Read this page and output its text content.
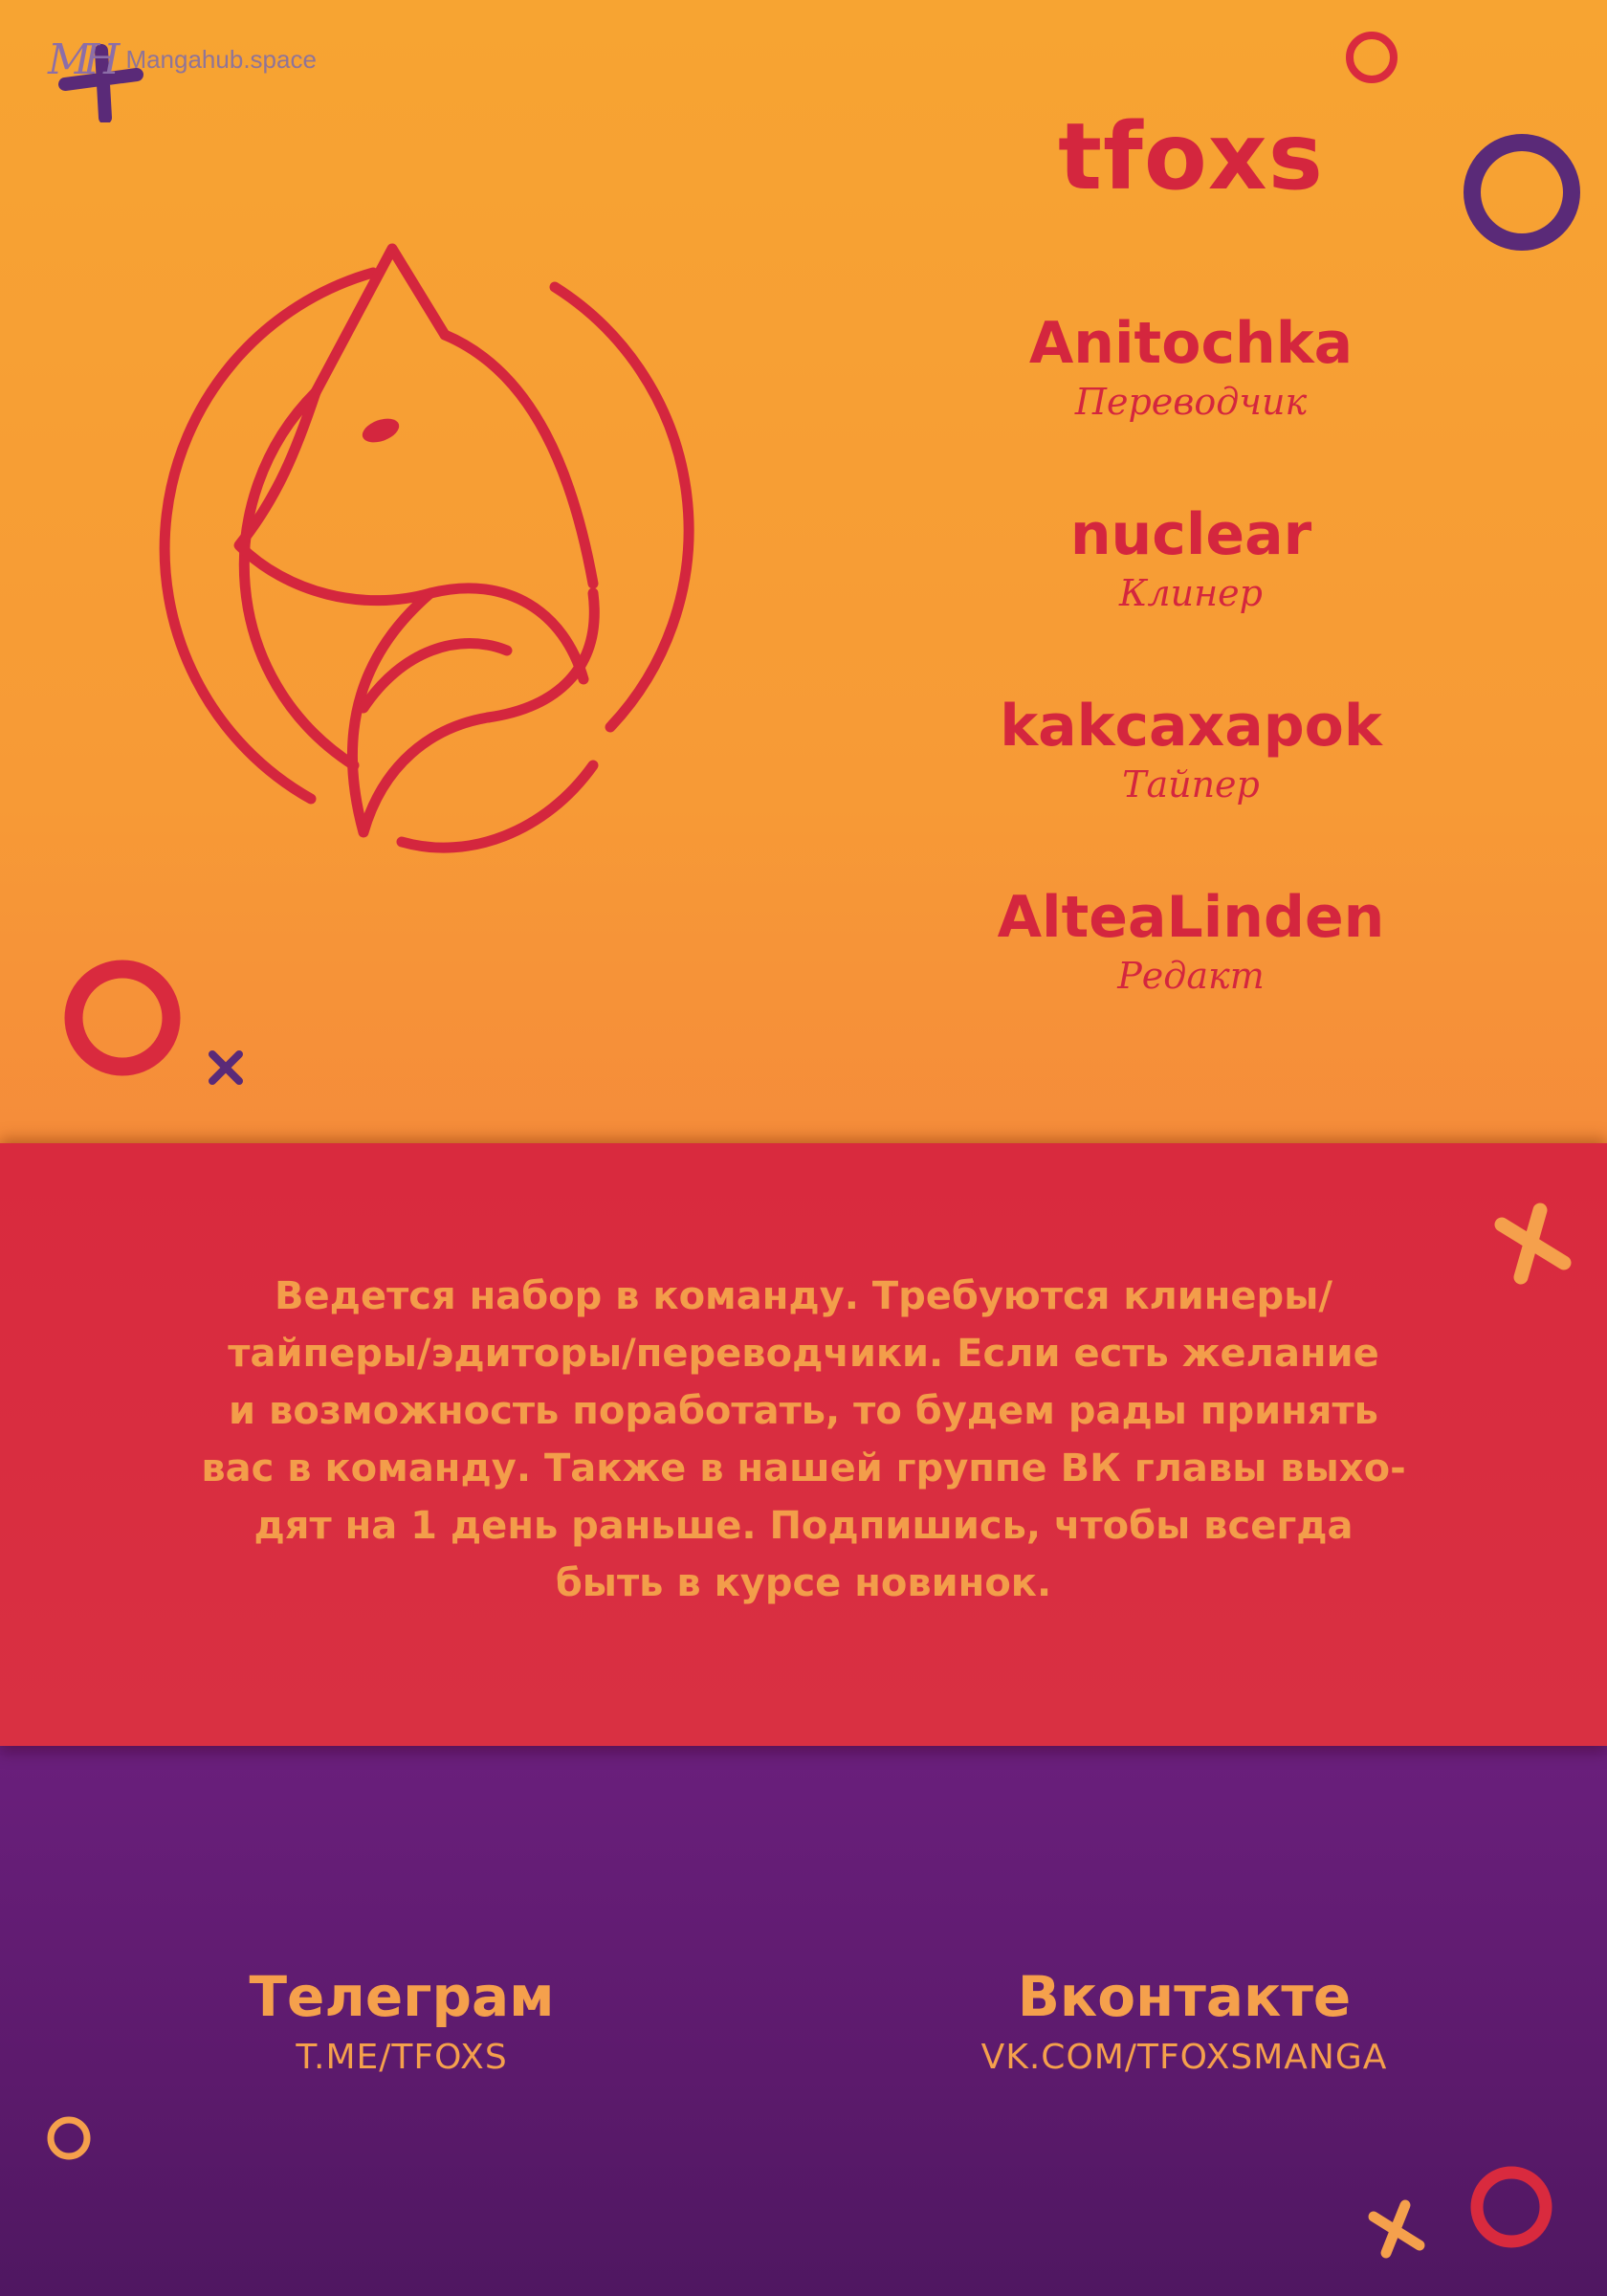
MH Mangahub.space
tfoxs
Anitochka
Переводчик
nuclear
Клинер
kakcaxapok
Тайпер
AlteaLinden
Редакт
Ведется набор в команду. Требуются клинеры/
тайперы/эдиторы/переводчики. Если есть желание
и возможность поработать, то будем рады принять
вас в команду. Также в нашей группе ВК главы выхо-
дят на 1 день раньше. Подпишись, чтобы всегда
быть в курсе новинок.
Телеграм
T.ME/TFOXS
Вконтакте
VK.COM/TFOXSMANGA
